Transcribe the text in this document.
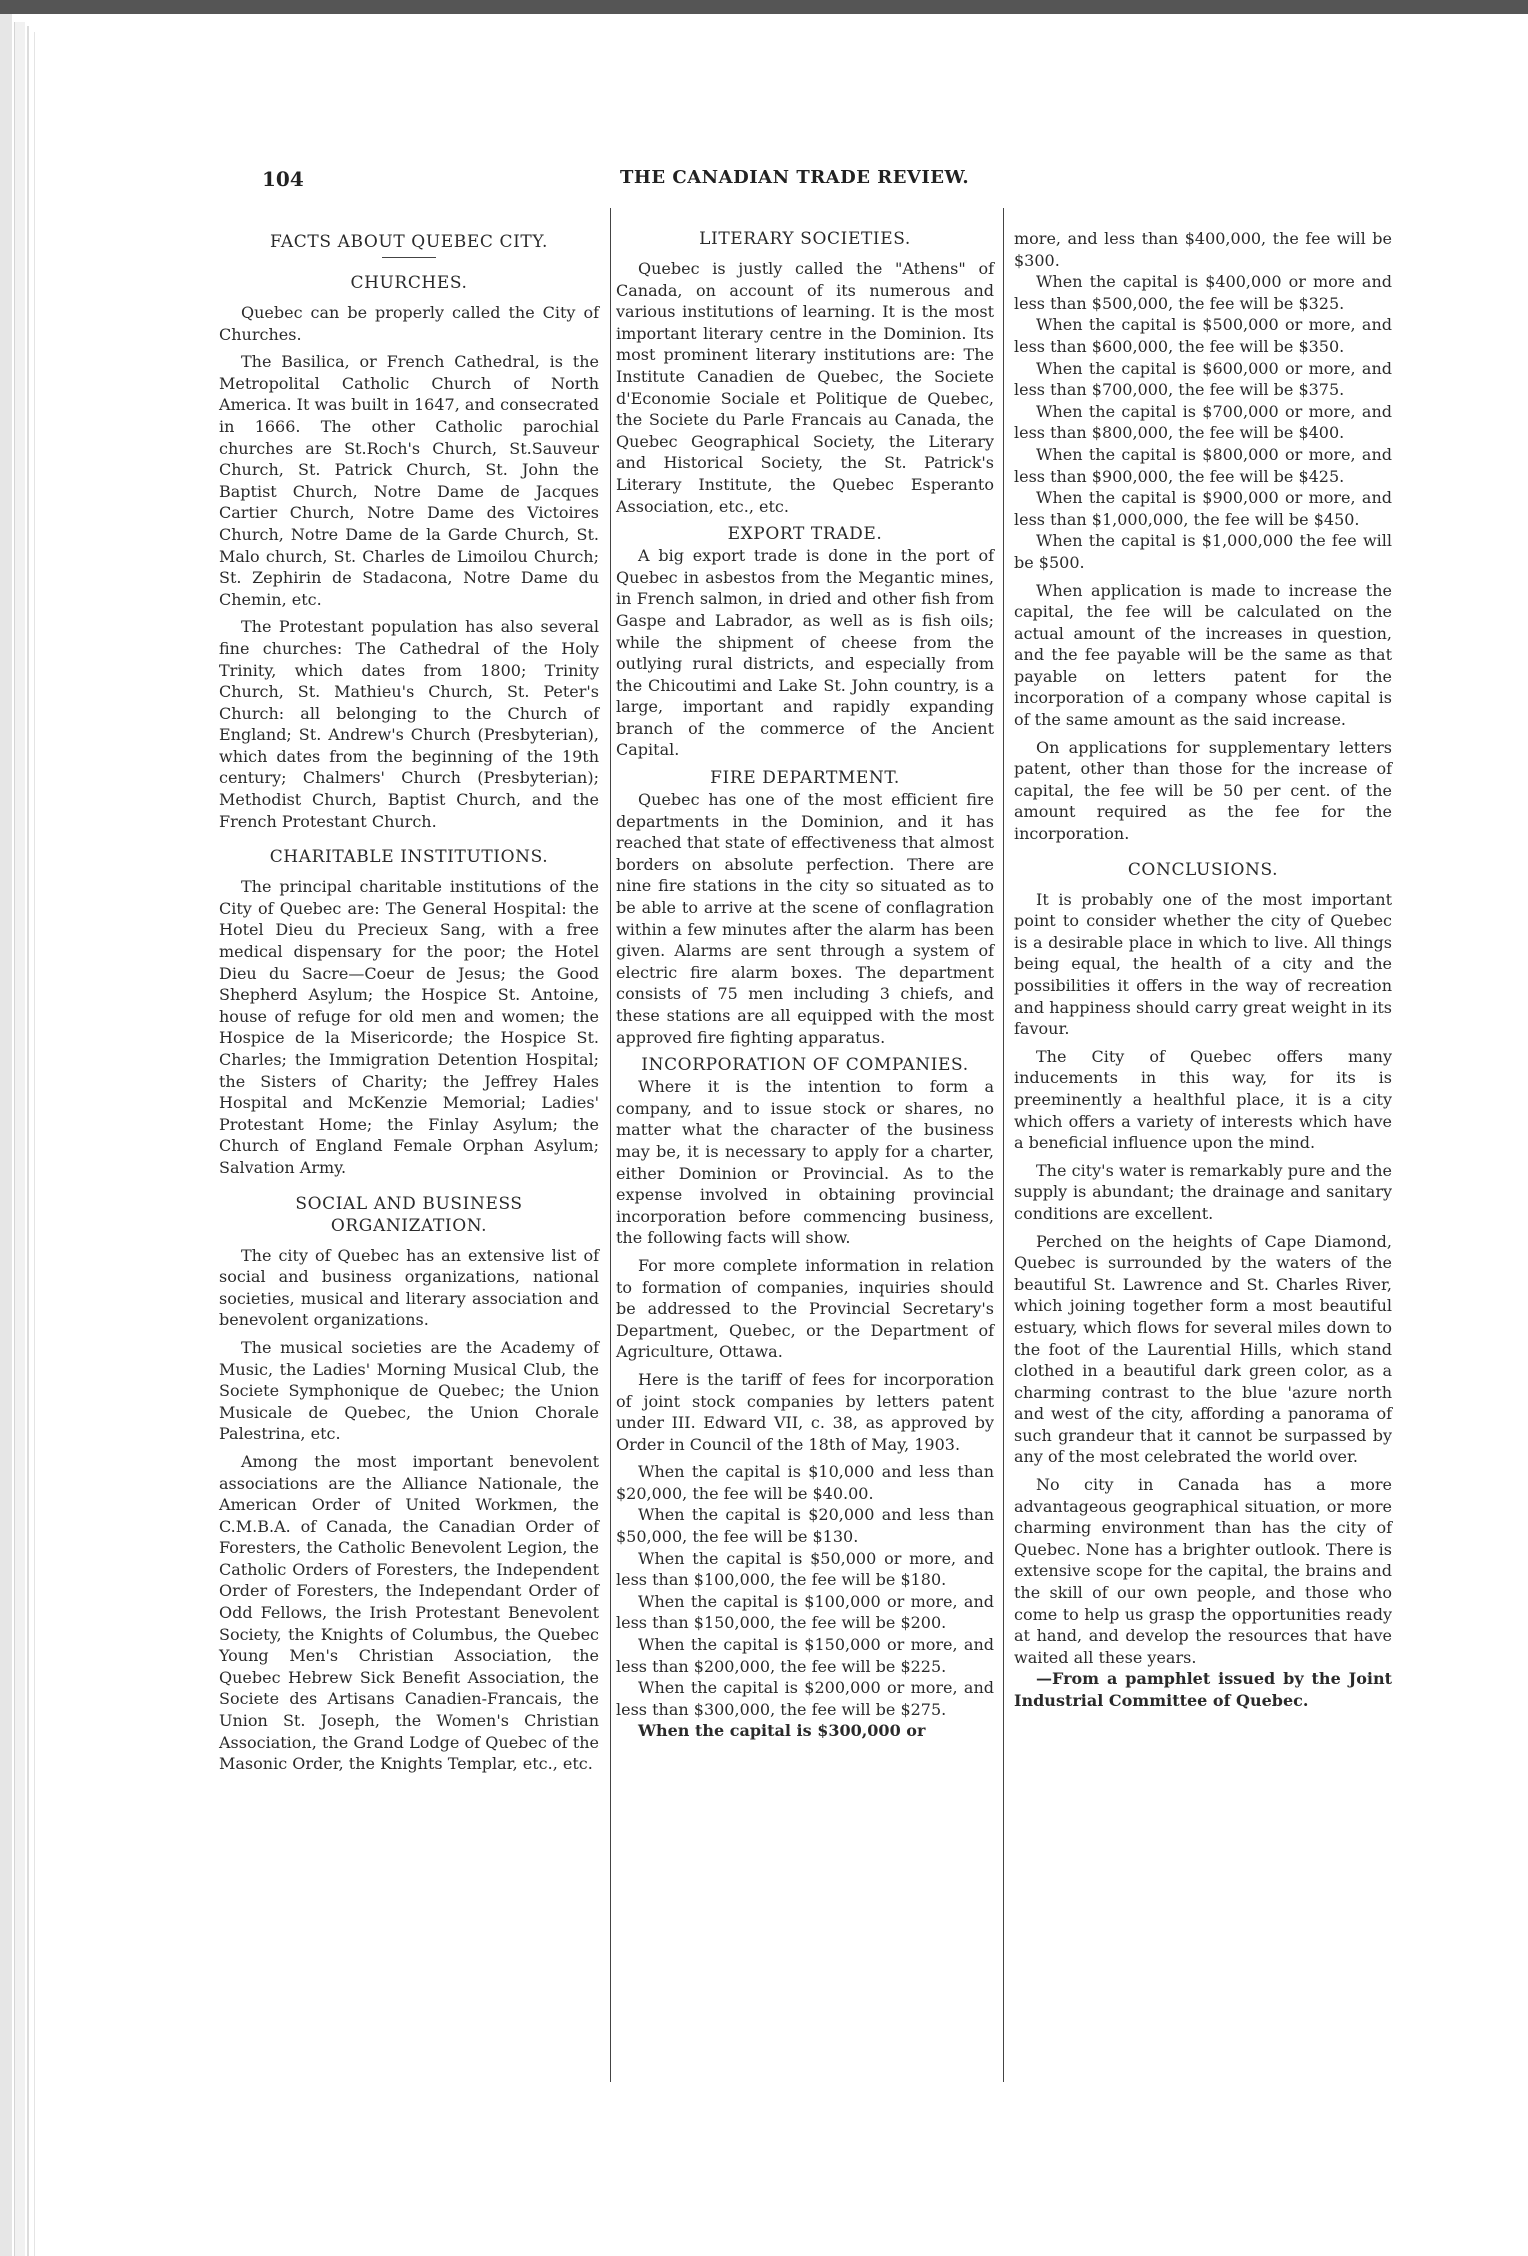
104	THE CANADIAN TRADE REVIEW.
FACTS ABOUT QUEBEC CITY.
CHURCHES.

Quebec can be properly called the City of Churches.

The Basilica, or French Cathedral, is the Metropolital Catholic Church of North America. It was built in 1647, and consecrated in 1666. The other Catholic parochial churches are St.Roch's Church, St.Sauveur Church, St. Patrick Church, St. John the Baptist Church, Notre Dame de Jacques Cartier Church, Notre Dame des Victoires Church, Notre Dame de la Garde Church, St. Malo church, St. Charles de Limoilou Church; St. Zephirin de Stadacona, Notre Dame du Chemin, etc.

The Protestant population has also several fine churches: The Cathedral of the Holy Trinity, which dates from 1800; Trinity Church, St. Mathieu's Church, St. Peter's Church: all belonging to the Church of England; St. Andrew's Church (Presbyterian), which dates from the beginning of the 19th century; Chalmers' Church (Presbyterian); Methodist Church, Baptist Church, and the French Protestant Church.

CHARITABLE INSTITUTIONS.

The principal charitable institutions of the City of Quebec are: The General Hospital: the Hotel Dieu du Precieux Sang, with a free medical dispensary for the poor; the Hotel Dieu du Sacre—Coeur de Jesus; the Good Shepherd Asylum; the Hospice St. Antoine, house of refuge for old men and women; the Hospice de la Misericorde; the Hospice St. Charles; the Immigration Detention Hospital; the Sisters of Charity; the Jeffrey Hales Hospital and McKenzie Memorial; Ladies' Protestant Home; the Finlay Asylum; the Church of England Female Orphan Asylum; Salvation Army.

SOCIAL AND BUSINESS ORGANIZATION.

The city of Quebec has an extensive list of social and business organizations, national societies, musical and literary association and benevolent organizations.

The musical societies are the Academy of Music, the Ladies' Morning Musical Club, the Societe Symphonique de Quebec; the Union Musicale de Quebec, the Union Chorale Palestrina, etc.

Among the most important benevolent associations are the Alliance Nationale, the American Order of United Workmen, the C.M.B.A. of Canada, the Canadian Order of Foresters, the Catholic Benevolent Legion, the Catholic Orders of Foresters, the Independent Order of Foresters, the Independant Order of Odd Fellows, the Irish Protestant Benevolent Society, the Knights of Columbus, the Quebec Young Men's Christian Association, the Quebec Hebrew Sick Benefit Association, the Societe des Artisans Canadien-Francais, the Union St. Joseph, the Women's Christian Association, the Grand Lodge of Quebec of the Masonic Order, the Knights Templar, etc., etc.

LITERARY SOCIETIES.

Quebec is justly called the "Athens" of Canada, on account of its numerous and various institutions of learning. It is the most important literary centre in the Dominion. Its most prominent literary institutions are: The Institute Canadien de Quebec, the Societe d'Economie Sociale et Politique de Quebec, the Societe du Parle Francais au Canada, the Quebec Geographical Society, the Literary and Historical Society, the St. Patrick's Literary Institute, the Quebec Esperanto Association, etc., etc.

EXPORT TRADE.

A big export trade is done in the port of Quebec in asbestos from the Megantic mines, in French salmon, in dried and other fish from Gaspe and Labrador, as well as is fish oils; while the shipment of cheese from the outlying rural districts, and especially from the Chicoutimi and Lake St. John country, is a large, important and rapidly expanding branch of the commerce of the Ancient Capital.

FIRE DEPARTMENT.

Quebec has one of the most efficient fire departments in the Dominion, and it has reached that state of effectiveness that almost borders on absolute perfection. There are nine fire stations in the city so situated as to be able to arrive at the scene of conflagration within a few minutes after the alarm has been given. Alarms are sent through a system of electric fire alarm boxes. The department consists of 75 men including 3 chiefs, and these stations are all equipped with the most approved fire fighting apparatus.

INCORPORATION OF COMPANIES.

Where it is the intention to form a company, and to issue stock or shares, no matter what the character of the business may be, it is necessary to apply for a charter, either Dominion or Provincial. As to the expense involved in obtaining provincial incorporation before commencing business, the following facts will show.

For more complete information in relation to formation of companies, inquiries should be addressed to the Provincial Secretary's Department, Quebec, or the Department of Agriculture, Ottawa.

Here is the tariff of fees for incorporation of joint stock companies by letters patent under III. Edward VII, c. 38, as approved by Order in Council of the 18th of May, 1903.

When the capital is $10,000 and less than $20,000, the fee will be $40.00.

When the capital is $20,000 and less than $50,000, the fee will be $130.

When the capital is $50,000 or more, and less than $100,000, the fee will be $180.

When the capital is $100,000 or more, and less than $150,000, the fee will be $200.

When the capital is $150,000 or more, and less than $200,000, the fee will be $225.

When the capital is $200,000 or more, and less than $300,000, the fee will be $275.

When the capital is $300,000 or

more, and less than $400,000, the fee will be $300.

When the capital is $400,000 or more and less than $500,000, the fee will be $325.

When the capital is $500,000 or more, and less than $600,000, the fee will be $350.

When the capital is $600,000 or more, and less than $700,000, the fee will be $375.

When the capital is $700,000 or more, and less than $800,000, the fee will be $400.

When the capital is $800,000 or more, and less than $900,000, the fee will be $425.

When the capital is $900,000 or more, and less than $1,000,000, the fee will be $450.

When the capital is $1,000,000 the fee will be $500.

When application is made to increase the capital, the fee will be calculated on the actual amount of the increases in question, and the fee payable will be the same as that payable on letters patent for the incorporation of a company whose capital is of the same amount as the said increase.

On applications for supplementary letters patent, other than those for the increase of capital, the fee will be 50 per cent. of the amount required as the fee for the incorporation.

CONCLUSIONS.

It is probably one of the most important point to consider whether the city of Quebec is a desirable place in which to live. All things being equal, the health of a city and the possibilities it offers in the way of recreation and happiness should carry great weight in its favour.

The City of Quebec offers many inducements in this way, for its is preeminently a healthful place, it is a city which offers a variety of interests which have a beneficial influence upon the mind.

The city's water is remarkably pure and the supply is abundant; the drainage and sanitary conditions are excellent.

Perched on the heights of Cape Diamond, Quebec is surrounded by the waters of the beautiful St. Lawrence and St. Charles River, which joining together form a most beautiful estuary, which flows for several miles down to the foot of the Laurential Hills, which stand clothed in a beautiful dark green color, as a charming contrast to the blue 'azure north and west of the city, affording a panorama of such grandeur that it cannot be surpassed by any of the most celebrated the world over.

No city in Canada has a more advantageous geographical situation, or more charming environment than has the city of Quebec. None has a brighter outlook. There is extensive scope for the capital, the brains and the skill of our own people, and those who come to help us grasp the opportunities ready at hand, and develop the resources that have waited all these years.

—From a pamphlet issued by the Joint Industrial Committee of Quebec.
